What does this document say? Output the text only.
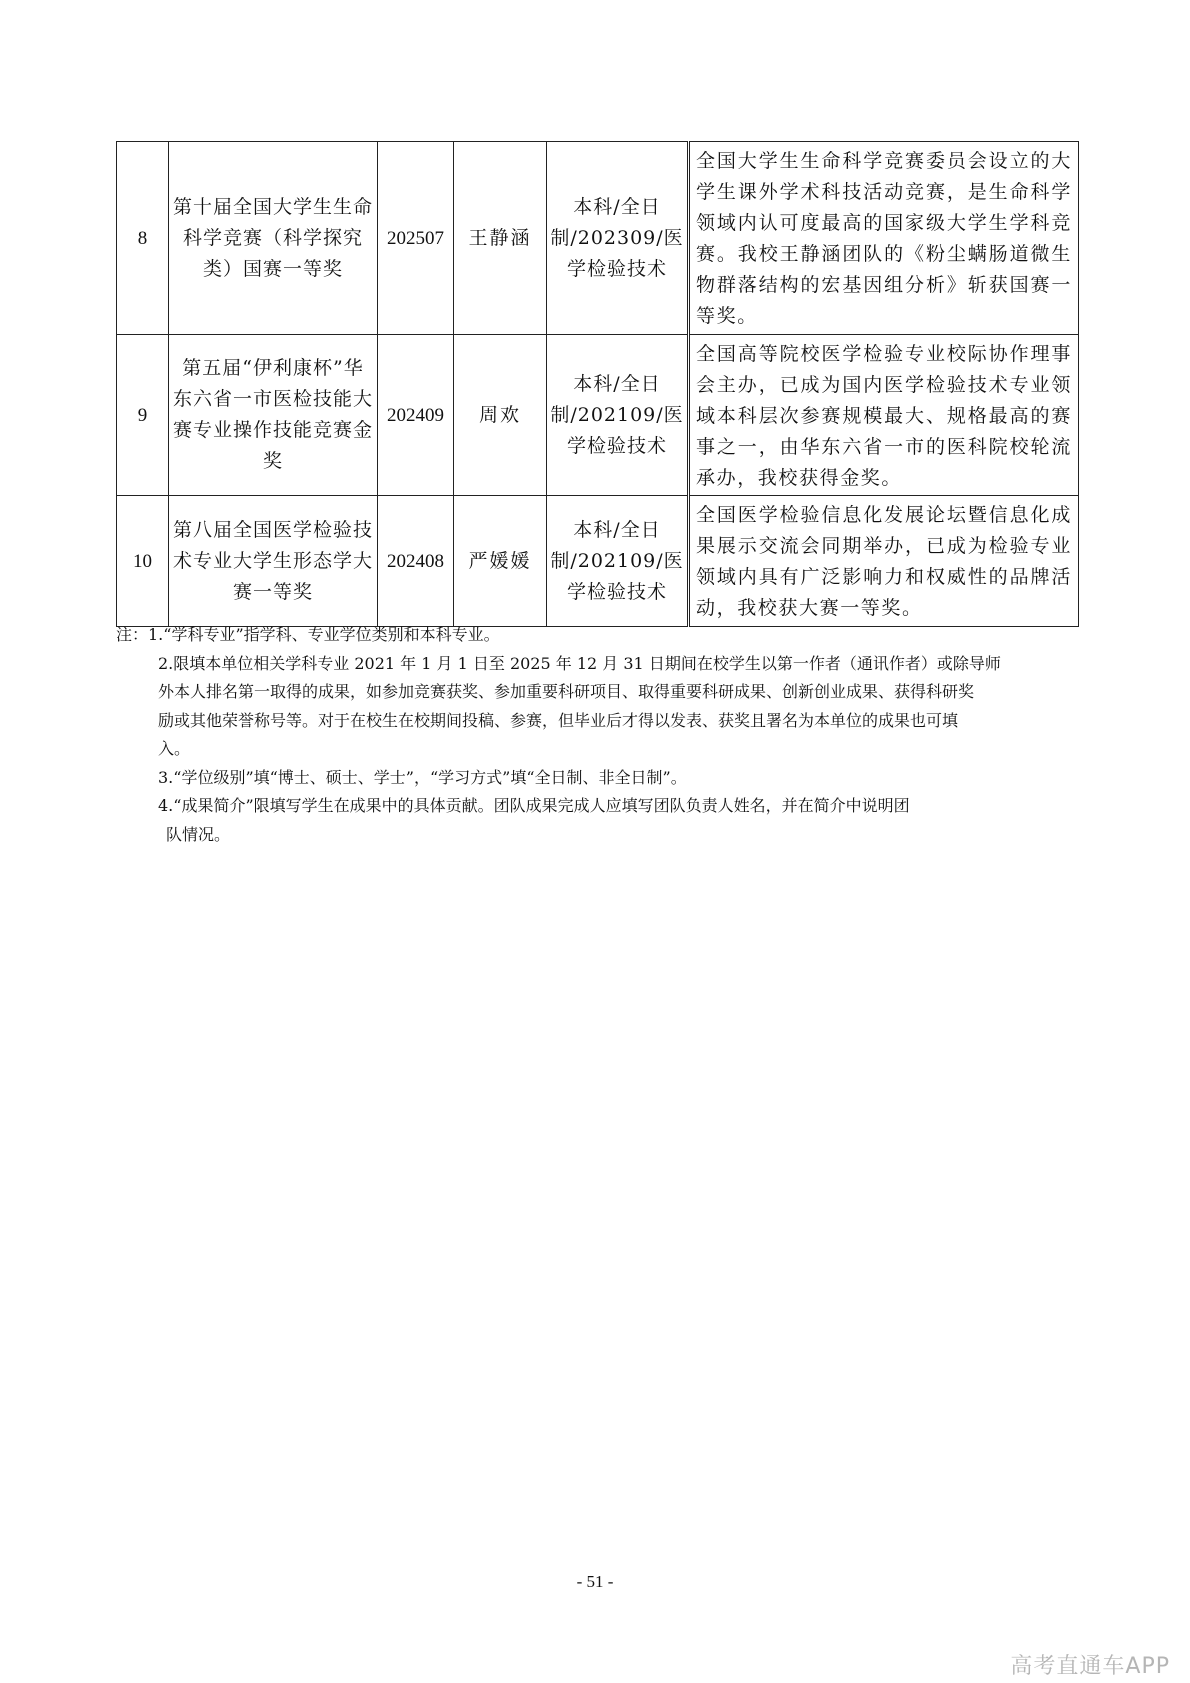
8	第十届全国大学生生命科学竞赛（科学探究类）国赛一等奖	202507	王静涵	本科/全日制/202309/医学检验技术	全国大学生生命科学竞赛委员会设立的大学生课外学术科技活动竞赛，是生命科学领域内认可度最高的国家级大学生学科竞赛。我校王静涵团队的《粉尘螨肠道微生物群落结构的宏基因组分析》斩获国赛一等奖。
9	第五届“伊利康杯”华东六省一市医检技能大赛专业操作技能竞赛金奖	202409	周欢	本科/全日制/202109/医学检验技术	全国高等院校医学检验专业校际协作理事会主办，已成为国内医学检验技术专业领域本科层次参赛规模最大、规格最高的赛事之一，由华东六省一市的医科院校轮流承办，我校获得金奖。
10	第八届全国医学检验技术专业大学生形态学大赛一等奖	202408	严媛媛	本科/全日制/202109/医学检验技术	全国医学检验信息化发展论坛暨信息化成果展示交流会同期举办，已成为检验专业领域内具有广泛影响力和权威性的品牌活动，我校获大赛一等奖。

注：1.“学科专业”指学科、专业学位类别和本科专业。

2.限填本单位相关学科专业 2021 年 1 月 1 日至 2025 年 12 月 31 日期间在校学生以第一作者（通讯作者）或除导师

外本人排名第一取得的成果，如参加竞赛获奖、参加重要科研项目、取得重要科研成果、创新创业成果、获得科研奖

励或其他荣誉称号等。对于在校生在校期间投稿、参赛，但毕业后才得以发表、获奖且署名为本单位的成果也可填

入。

3.“学位级别”填“博士、硕士、学士”，“学习方式”填“全日制、非全日制”。

4.“成果简介”限填写学生在成果中的具体贡献。团队成果完成人应填写团队负责人姓名，并在简介中说明团

队情况。

- 51 -
高考直通车APP
